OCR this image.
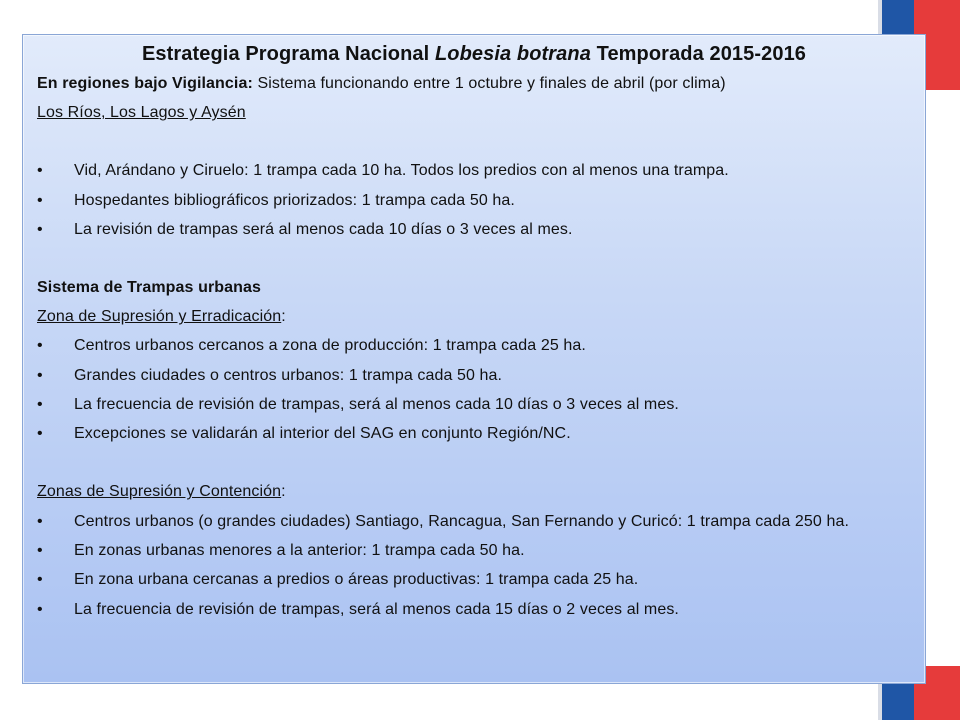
Estrategia Programa Nacional Lobesia botrana Temporada 2015-2016
En regiones bajo Vigilancia: Sistema funcionando entre 1 octubre y finales de abril (por clima)
Los Ríos, Los Lagos y Aysén
•	Vid, Arándano y Ciruelo: 1 trampa cada 10 ha. Todos los predios con al menos una trampa.
•	Hospedantes bibliográficos priorizados: 1 trampa cada 50 ha.
•	La revisión de trampas será al menos cada 10 días o 3 veces al mes.
Sistema de Trampas urbanas
Zona de Supresión y Erradicación:
•	Centros urbanos cercanos a zona de producción: 1 trampa cada 25 ha.
•	Grandes ciudades o centros urbanos: 1 trampa cada 50 ha.
•	La frecuencia de revisión de trampas, será al menos cada 10 días o 3 veces al mes.
•	Excepciones se validarán al interior del SAG en conjunto Región/NC.
Zonas de Supresión y Contención:
•	Centros urbanos (o grandes ciudades) Santiago, Rancagua, San Fernando y Curicó: 1 trampa cada 250 ha.
•	En zonas urbanas menores a la anterior: 1 trampa cada 50 ha.
•	En zona urbana cercanas a predios o áreas productivas: 1 trampa cada 25 ha.
•	La frecuencia de revisión de trampas, será al menos cada 15 días o 2 veces al mes.
